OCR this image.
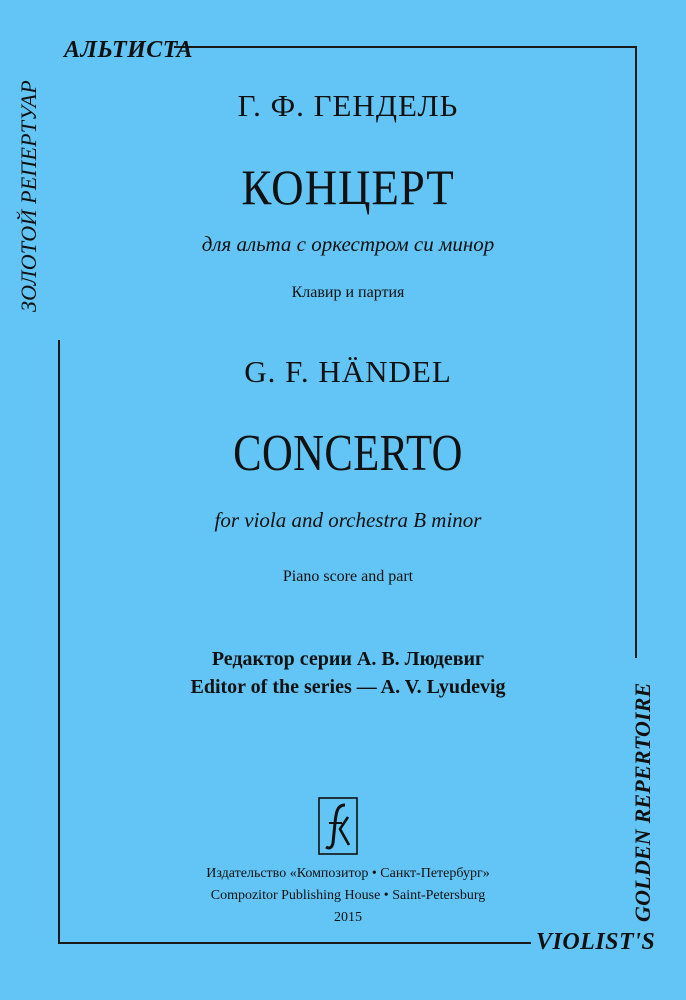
АЛЬТИСТА
ЗОЛОТОЙ РЕПЕРТУАР
GOLDEN REPERTOIRE
VIOLIST'S
Г. Ф. ГЕНДЕЛЬ
КОНЦЕРТ
для альта с оркестром си минор
Клавир и партия
G. F. HÄNDEL
CONCERTO
for viola and orchestra B minor
Piano score and part
Редактор серии А. В. Людевиг
Editor of the series — A. V. Lyudevig
Издательство «Композитор • Санкт-Петербург»
Compozitor Publishing House • Saint-Petersburg
2015
